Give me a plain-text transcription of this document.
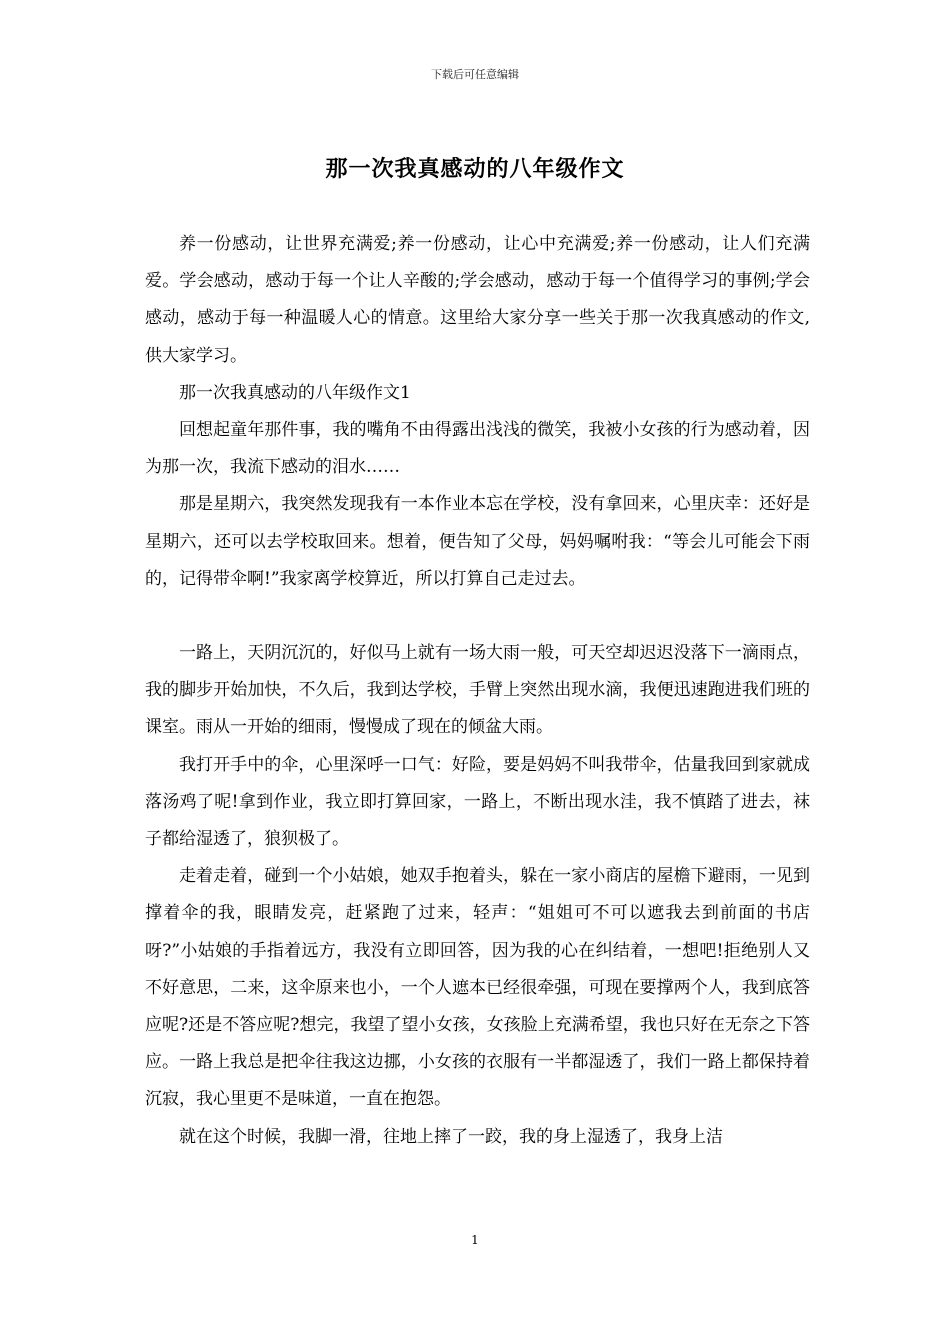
下载后可任意编辑
那一次我真感动的八年级作文

养一份感动，让世界充满爱;养一份感动，让心中充满爱;养一份感动，让人们充满爱。学会感动，感动于每一个让人辛酸的;学会感动，感动于每一个值得学习的事例;学会感动，感动于每一种温暖人心的情意。这里给大家分享一些关于那一次我真感动的作文,供大家学习。

那一次我真感动的八年级作文1

回想起童年那件事，我的嘴角不由得露出浅浅的微笑，我被小女孩的行为感动着，因为那一次，我流下感动的泪水……

那是星期六，我突然发现我有一本作业本忘在学校，没有拿回来，心里庆幸：还好是星期六，还可以去学校取回来。想着，便告知了父母，妈妈嘱咐我：“等会儿可能会下雨的，记得带伞啊!”我家离学校算近，所以打算自己走过去。

一路上，天阴沉沉的，好似马上就有一场大雨一般，可天空却迟迟没落下一滴雨点，我的脚步开始加快，不久后，我到达学校，手臂上突然出现水滴，我便迅速跑进我们班的课室。雨从一开始的细雨，慢慢成了现在的倾盆大雨。

我打开手中的伞，心里深呼一口气：好险，要是妈妈不叫我带伞，估量我回到家就成落汤鸡了呢!拿到作业，我立即打算回家，一路上，不断出现水洼，我不慎踏了进去，袜子都给湿透了，狼狈极了。

走着走着，碰到一个小姑娘，她双手抱着头，躲在一家小商店的屋檐下避雨，一见到撑着伞的我，眼睛发亮，赶紧跑了过来，轻声：“姐姐可不可以遮我去到前面的书店呀?”小姑娘的手指着远方，我没有立即回答，因为我的心在纠结着，一想吧!拒绝别人又不好意思，二来，这伞原来也小，一个人遮本已经很牵强，可现在要撑两个人，我到底答应呢?还是不答应呢?想完，我望了望小女孩，女孩脸上充满希望，我也只好在无奈之下答应。一路上我总是把伞往我这边挪，小女孩的衣服有一半都湿透了，我们一路上都保持着沉寂，我心里更不是味道，一直在抱怨。

就在这个时候，我脚一滑，往地上摔了一跤，我的身上湿透了，我身上洁

1
